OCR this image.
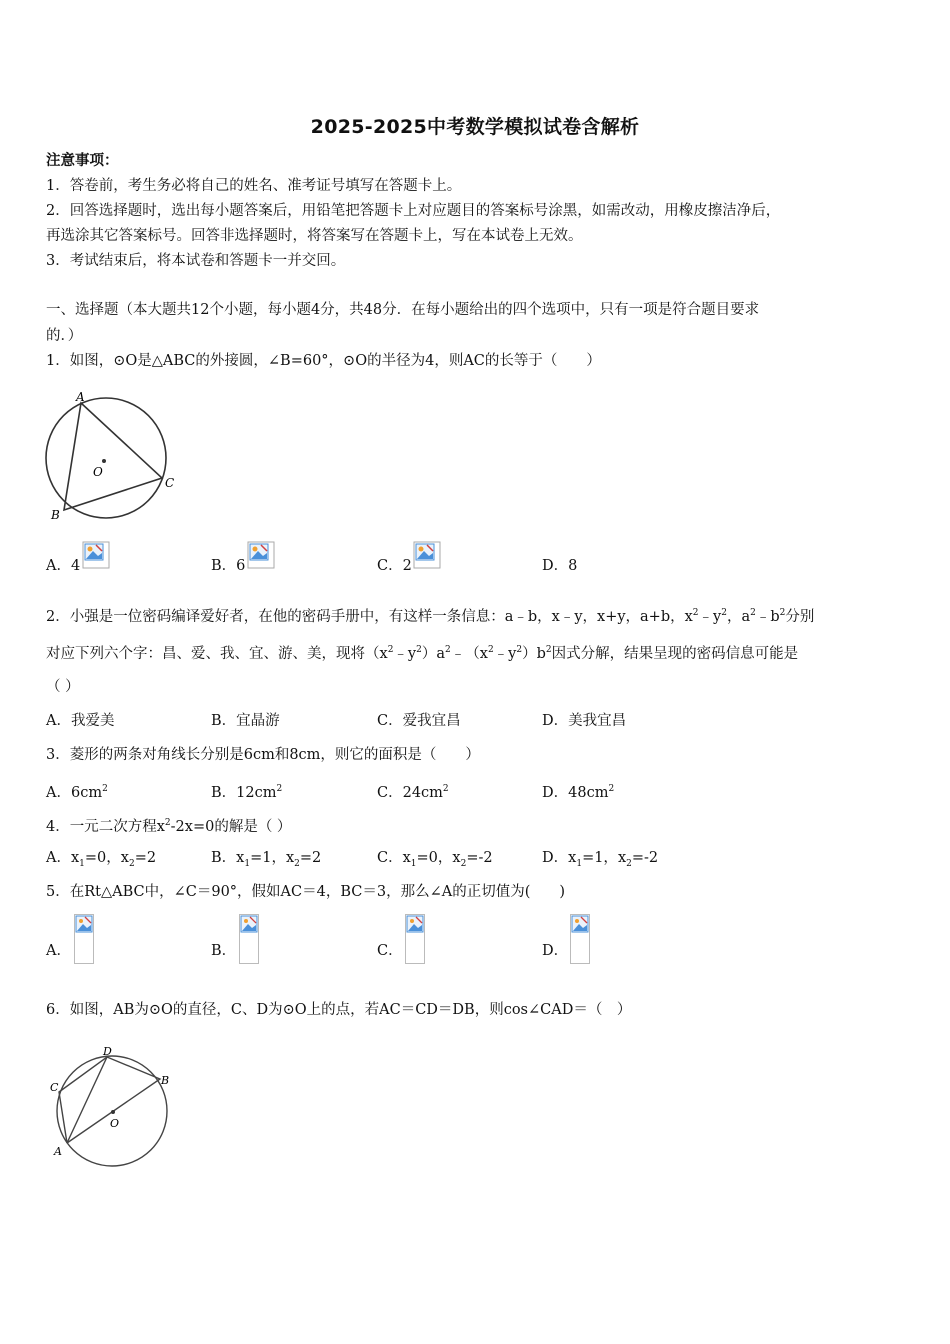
2025-2025中考数学模拟试卷含解析
注意事项：
1．答卷前，考生务必将自己的姓名、准考证号填写在答题卡上。
2．回答选择题时，选出每小题答案后，用铅笔把答题卡上对应题目的答案标号涂黑，如需改动，用橡皮擦洁净后，
再选涂其它答案标号。回答非选择题时，将答案写在答题卡上，写在本试卷上无效。
3．考试结束后，将本试卷和答题卡一并交回。
一、选择题（本大题共12个小题，每小题4分，共48分．在每小题给出的四个选项中，只有一项是符合题目要求
的．）
1．如图，⊙O是△ABC的外接圆，∠B=60°，⊙O的半径为4，则AC的长等于（　　）
A
B
C
O
A．4	B．6	C．2	D．8
2．小强是一位密码编译爱好者，在他的密码手册中，有这样一条信息：a﹣b，x﹣y，x+y，a+b，$x^2﹣y^2$，$a^2﹣b^2$分别
对应下列六个字：昌、爱、我、宜、游、美，现将$(x^2﹣y^2)a^2﹣(x^2﹣y^2)b^2$因式分解，结果呈现的密码信息可能是
（ ）
A．我爱美	B．宜晶游	C．爱我宜昌	D．美我宜昌
3．菱形的两条对角线长分别是6cm和8cm，则它的面积是（　　）
A．$6cm^2$	B．$12cm^2$	C．$24cm^2$	D．$48cm^2$
4．一元二次方程$x^2-2x=0$的解是（ ）
A．$x_1=0$，$x_2=2$	B．$x_1=1$，$x_2=2$	C．$x_1=0$，$x_2=-2$	D．$x_1=1$，$x_2=-2$
5．在Rt△ABC中，∠C＝90°，假如AC＝4，BC＝3，那么∠A的正切值为(　　)
A．	B．	C．	D．
6．如图，AB为⊙O的直径，C、D为⊙O上的点，若AC＝CD＝DB，则cos∠CAD＝（　）
A
B
C
D
O
